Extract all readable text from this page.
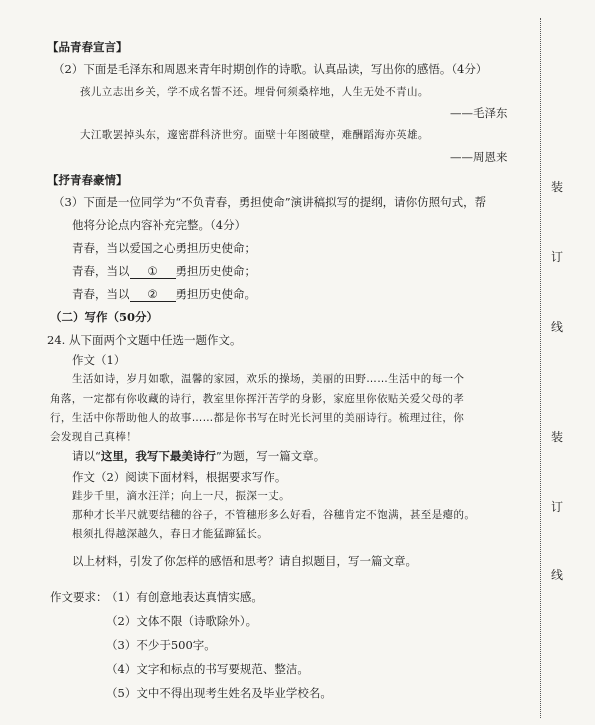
装
订
线
装
订
线
【品青春宣言】
（2）下面是毛泽东和周恩来青年时期创作的诗歌。认真品读，写出你的感悟。（4分）
孩儿立志出乡关，学不成名誓不还。埋骨何须桑梓地，人生无处不青山。
——毛泽东
大江歌罢掉头东，邃密群科济世穷。面壁十年图破壁，难酬蹈海亦英雄。
——周恩来
【抒青春豪情】
（3）下面是一位同学为“不负青春，勇担使命”演讲稿拟写的提纲，请你仿照句式，帮
他将分论点内容补充完整。（4分）
青春，当以爱国之心勇担历史使命；
青春，当以 ① 勇担历史使命；
青春，当以 ② 勇担历史使命。
（二）写作（50分）
24. 从下面两个文题中任选一题作文。
作文（1）
生活如诗，岁月如歌，温馨的家园，欢乐的操场，美丽的田野……生活中的每一个
角落，一定都有你收藏的诗行，教室里你挥汗苦学的身影，家庭里你依贴关爱父母的孝
行，生活中你帮助他人的故事……都是你书写在时光长河里的美丽诗行。梳理过往，你
会发现自己真棒！
请以“这里，我写下最美诗行”为题，写一篇文章。
作文（2）阅读下面材料，根据要求写作。
跬步千里，滴水汪洋；向上一尺，振深一丈。
那种才长半尺就要结穗的谷子，不管穗形多么好看，谷穗肯定不饱满，甚至是瘪的。
根须扎得越深越久，春日才能猛蹿猛长。
以上材料，引发了你怎样的感悟和思考？请自拟题目，写一篇文章。
作文要求：
（1）有创意地表达真情实感。
（2）文体不限（诗歌除外）。
（3）不少于500字。
（4）文字和标点的书写要规范、整洁。
（5）文中不得出现考生姓名及毕业学校名。
